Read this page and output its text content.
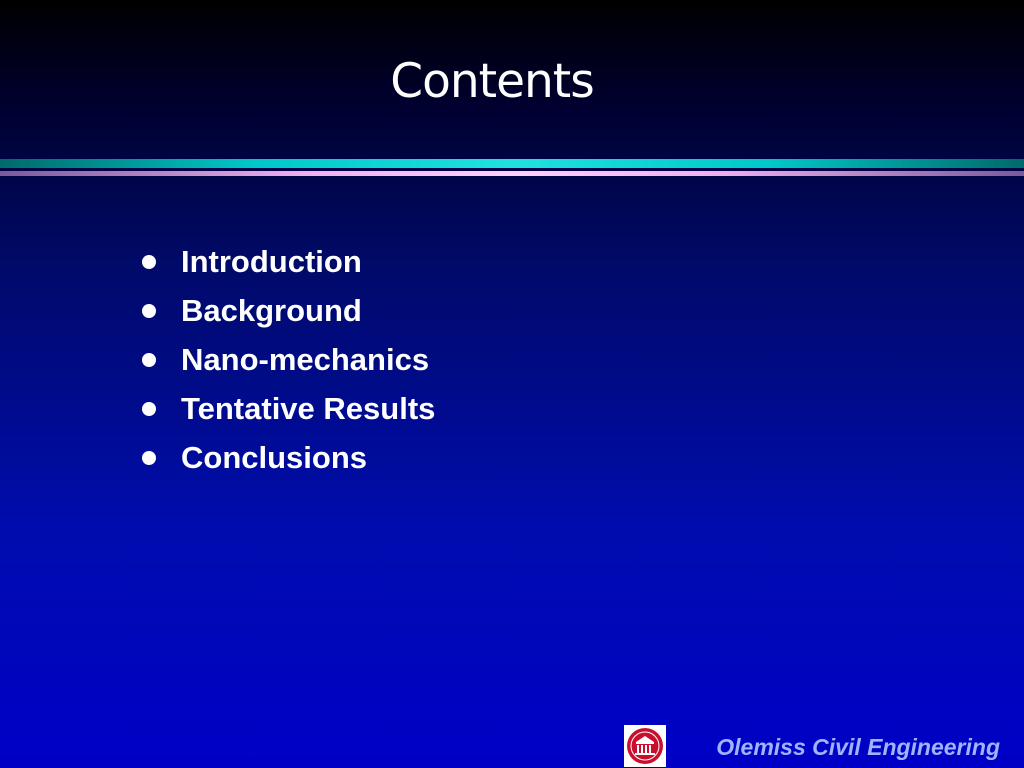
Contents
Introduction
Background
Nano-mechanics
Tentative Results
Conclusions
Olemiss Civil Engineering
